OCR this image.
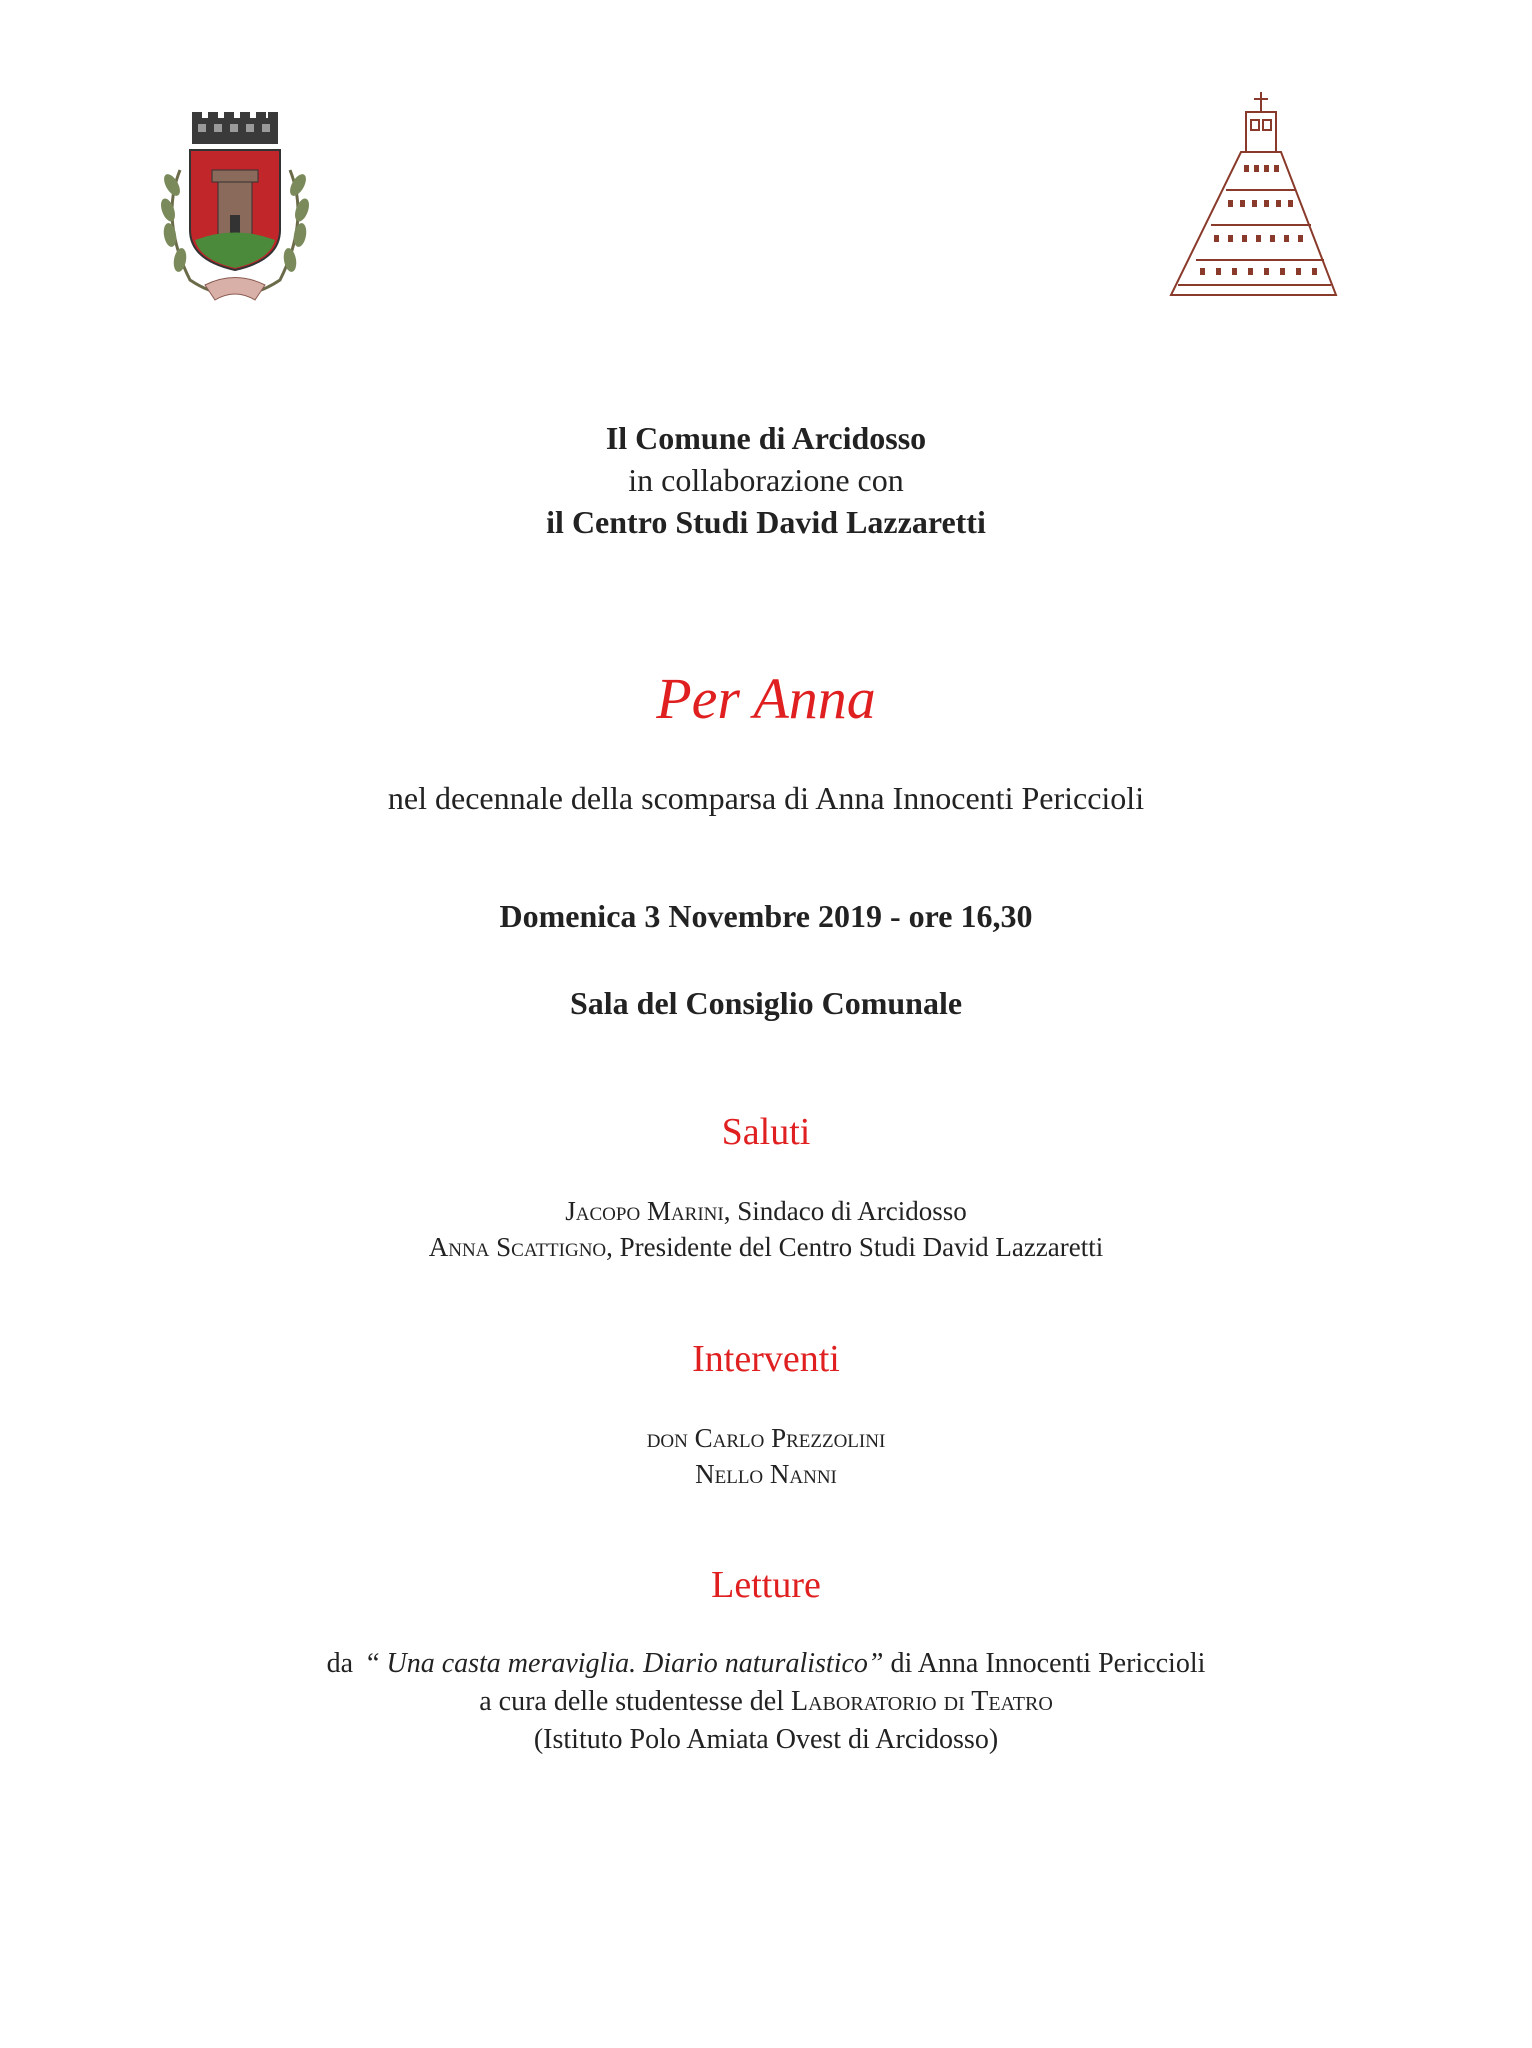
Il Comune di Arcidosso
in collaborazione con
il Centro Studi David Lazzaretti
Per Anna
nel decennale della scomparsa di Anna Innocenti Periccioli
Domenica 3 Novembre 2019 - ore 16,30
Sala del Consiglio Comunale
Saluti
Jacopo Marini, Sindaco di Arcidosso
Anna Scattigno, Presidente del Centro Studi David Lazzaretti
Interventi
don Carlo Prezzolini
Nello Nanni
Letture
da  “ Una casta meraviglia. Diario naturalistico” di Anna Innocenti Periccioli
a cura delle studentesse del Laboratorio di Teatro
(Istituto Polo Amiata Ovest di Arcidosso)
